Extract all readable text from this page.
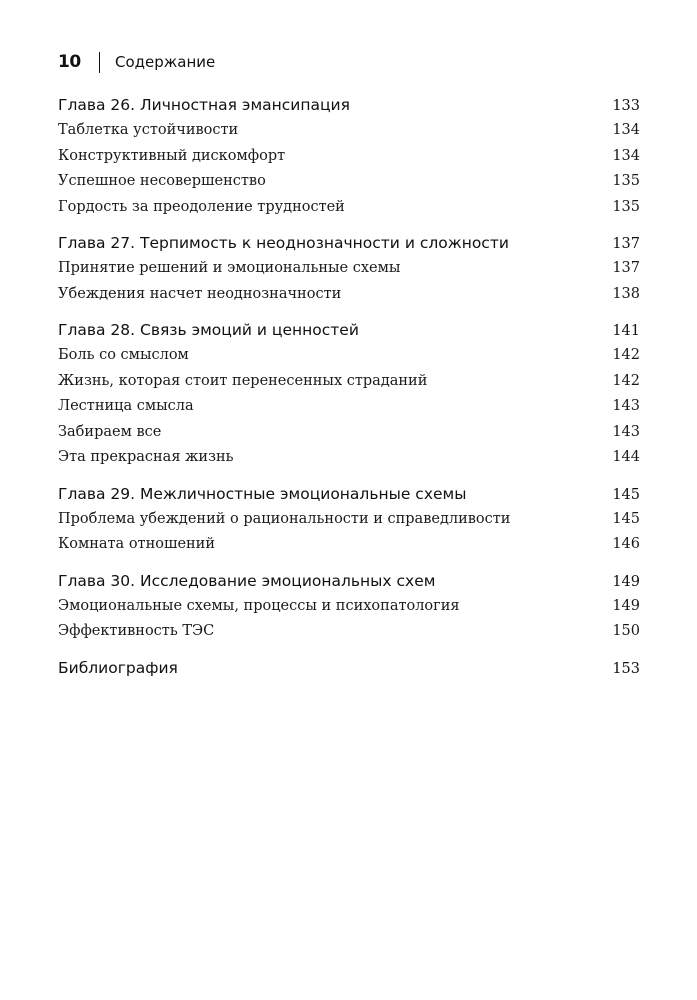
10 Содержание
Глава 26. Личностная эмансипация	133
Таблетка устойчивости	134
Конструктивный дискомфорт	134
Успешное несовершенство	135
Гордость за преодоление трудностей	135
Глава 27. Терпимость к неоднозначности и сложности	137
Принятие решений и эмоциональные схемы	137
Убеждения насчет неоднозначности	138
Глава 28. Связь эмоций и ценностей	141
Боль со смыслом	142
Жизнь, которая стоит перенесенных страданий	142
Лестница смысла	143
Забираем все	143
Эта прекрасная жизнь	144
Глава 29. Межличностные эмоциональные схемы	145
Проблема убеждений о рациональности и справедливости	145
Комната отношений	146
Глава 30. Исследование эмоциональных схем	149
Эмоциональные схемы, процессы и психопатология	149
Эффективность ТЭС	150
Библиография	153
